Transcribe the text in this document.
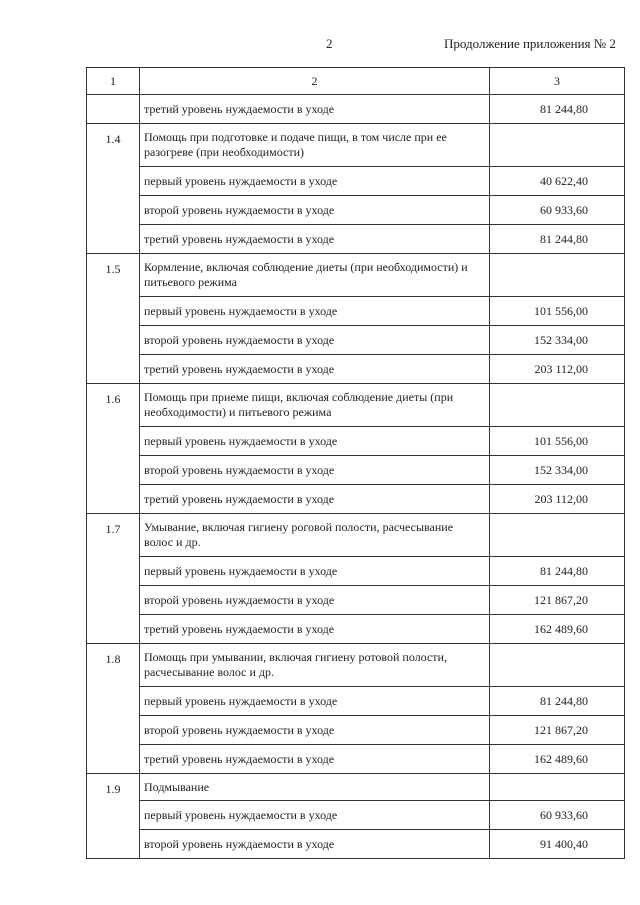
2	Продолжение приложения № 2
1	2	3
	третий уровень нуждаемости в уходе	81 244,80
1.4	Помощь при подготовке и подаче пищи, в том числе при ее разогреве (при необходимости)	
	первый уровень нуждаемости в уходе	40 622,40
	второй уровень нуждаемости в уходе	60 933,60
	третий уровень нуждаемости в уходе	81 244,80
1.5	Кормление, включая соблюдение диеты (при необходимости) и питьевого режима	
	первый уровень нуждаемости в уходе	101 556,00
	второй уровень нуждаемости в уходе	152 334,00
	третий уровень нуждаемости в уходе	203 112,00
1.6	Помощь при приеме пищи, включая соблюдение диеты (при необходимости) и питьевого режима	
	первый уровень нуждаемости в уходе	101 556,00
	второй уровень нуждаемости в уходе	152 334,00
	третий уровень нуждаемости в уходе	203 112,00
1.7	Умывание, включая гигиену роговой полости, расчесывание волос и др.	
	первый уровень нуждаемости в уходе	81 244,80
	второй уровень нуждаемости в уходе	121 867,20
	третий уровень нуждаемости в уходе	162 489,60
1.8	Помощь при умывании, включая гигиену ротовой полости, расчесывание волос и др.	
	первый уровень нуждаемости в уходе	81 244,80
	второй уровень нуждаемости в уходе	121 867,20
	третий уровень нуждаемости в уходе	162 489,60
1.9	Подмывание	
	первый уровень нуждаемости в уходе	60 933,60
	второй уровень нуждаемости в уходе	91 400,40
